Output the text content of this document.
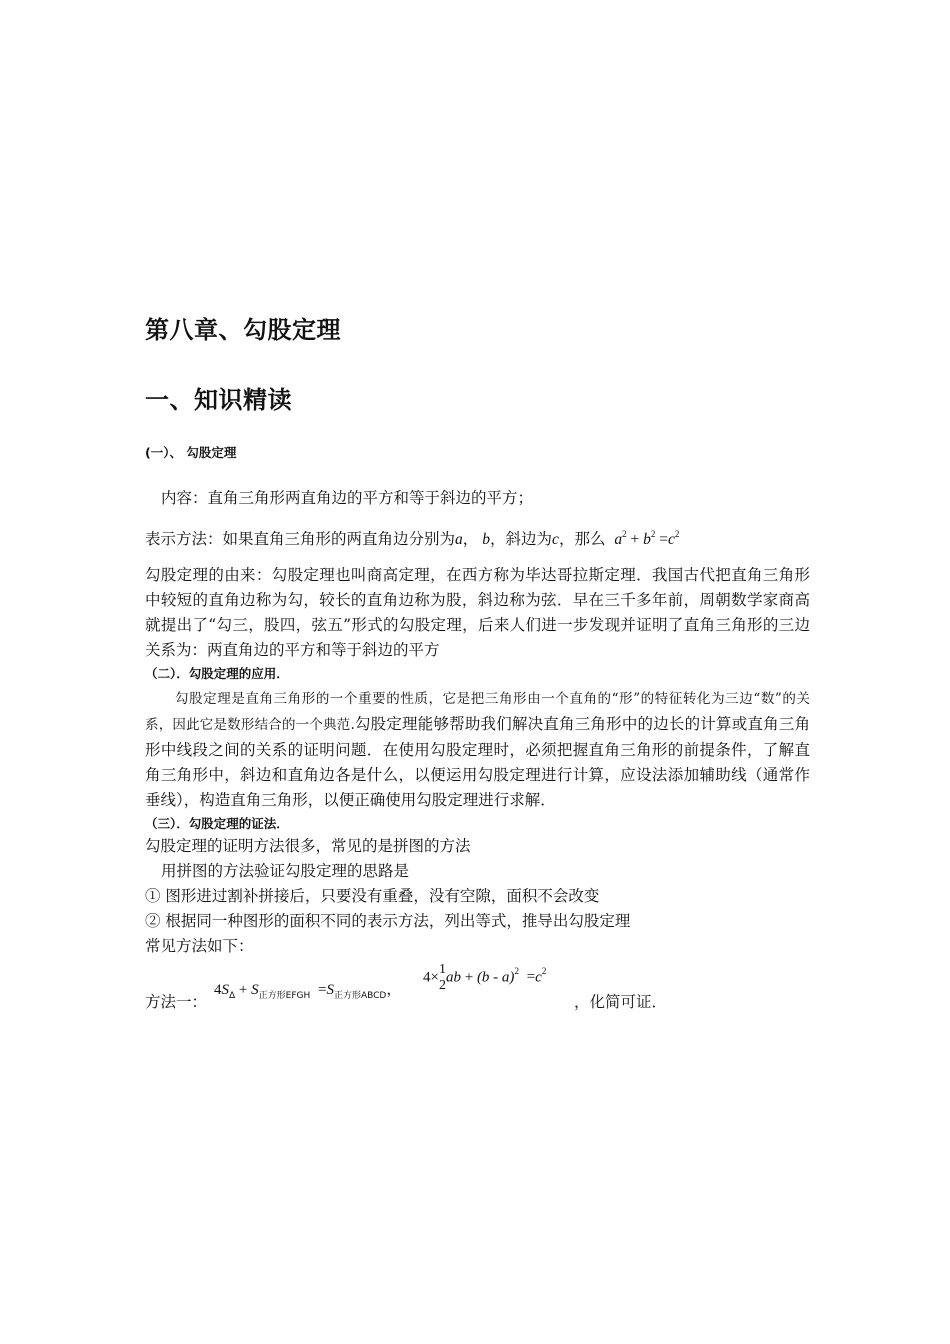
第八章、勾股定理
一、知识精读
(一）、 勾股定理
内容：直角三角形两直角边的平方和等于斜边的平方；
表示方法：如果直角三角形的两直角边分别为a， b，斜边为c，那么 $a^2 + b^2 =c^2$
勾股定理的由来：勾股定理也叫商高定理，在西方称为毕达哥拉斯定理．我国古代把直角三角形中较短的直角边称为勾，较长的直角边称为股，斜边称为弦．早在三千多年前，周朝数学家商高就提出了“勾三，股四，弦五”形式的勾股定理，后来人们进一步发现并证明了直角三角形的三边关系为：两直角边的平方和等于斜边的平方
（二）．勾股定理的应用．
勾股定理是直角三角形的一个重要的性质，它是把三角形由一个直角的“形”的特征转化为三边“数”的关系，因此它是数形结合的一个典范.勾股定理能够帮助我们解决直角三角形中的边长的计算或直角三角形中线段之间的关系的证明问题．在使用勾股定理时，必须把握直角三角形的前提条件，了解直角三角形中，斜边和直角边各是什么，以便运用勾股定理进行计算，应设法添加辅助线（通常作垂线），构造直角三角形，以便正确使用勾股定理进行求解．
（三）．勾股定理的证法．
勾股定理的证明方法很多，常见的是拼图的方法
用拼图的方法验证勾股定理的思路是
① 图形进过割补拼接后，只要没有重叠，没有空隙，面积不会改变
② 根据同一种图形的面积不同的表示方法，列出等式，推导出勾股定理
常见方法如下：
方法一：
$4S_\Delta + S_{正方形EFGH} =S_{正方形ABCD}$，
4× 1
2
ab + $(b - a)^2 =c^2$
，化简可证．
